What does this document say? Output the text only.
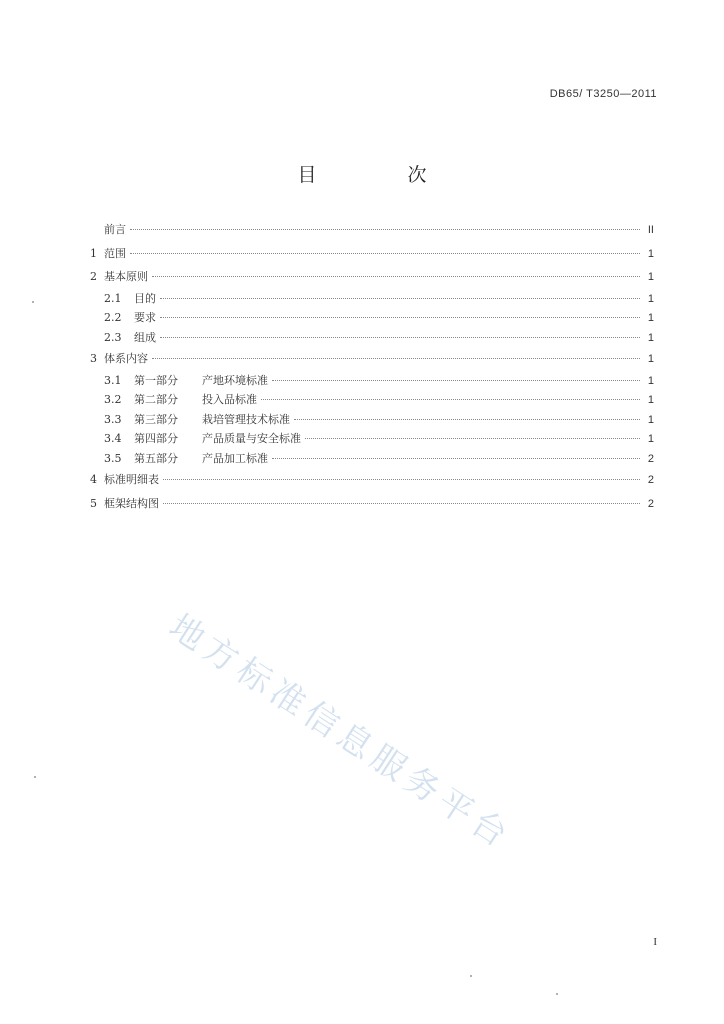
DB65/ T3250—2011
目　次
前言	II
1 范围	1
2 基本原则	1
2.1	目的	1
2.2	要求	1
2.3	组成	1
3 体系内容	1
3.1	第一部分 产地环境标准	1
3.2	第二部分 投入品标准	1
3.3	第三部分 栽培管理技术标准	1
3.4	第四部分 产品质量与安全标准	1
3.5	第五部分 产品加工标准	2
4 标准明细表	2
5 框架结构图	2
地方标准信息服务平台
I
